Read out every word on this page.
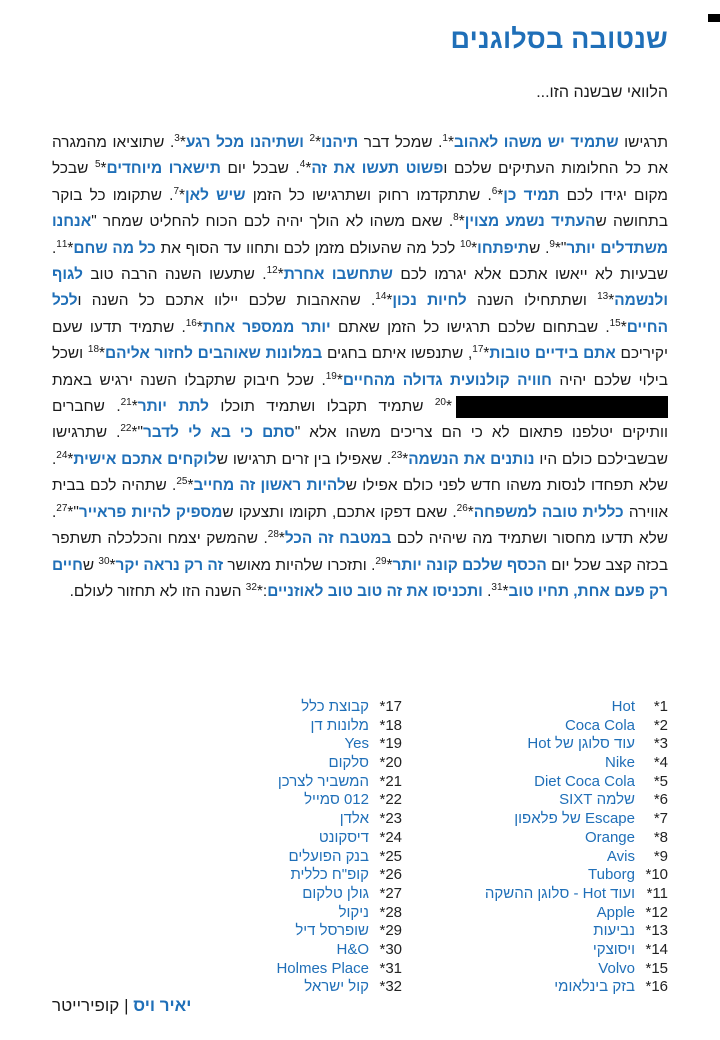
שנטובה בסלוגנים
הלוואי שבשנה הזו...
תרגישו שתמיד יש משהו לאהוב*$^1$. שמכל דבר תיהנו*$^2$ ושתיהנו מכל רגע*$^3$. שתוציאו מהמגרה את כל החלומות העתיקים שלכם ופשוט תעשו את זה*$^4$. שבכל יום תישארו מיוחדים*$^5$ שבכל מקום יגידו לכם תמיד כן*$^6$. שתתקדמו רחוק ושתרגישו כל הזמן שיש לאן*$^7$. שתקומו כל בוקר בתחושה שהעתיד נשמע מצוין*$^8$. שאם משהו לא הולך יהיה לכם הכוח להחליט שמחר "אנחנו משתדלים יותר"*$^9$. שתיפתחו*$^{10}$ לכל מה שהעולם מזמן לכם ותחוו עד הסוף את כל מה שחם*$^{11}$. שבעיות לא ייאשו אתכם אלא יגרמו לכם שתחשבו אחרת*$^{12}$. שתעשו השנה הרבה טוב לגוף ולנשמה*$^{13}$ ושתתחילו השנה לחיות נכון*$^{14}$. שהאהבות שלכם יילוו אתכם כל השנה ולכל החיים*$^{15}$. שבתחום שלכם תרגישו כל הזמן שאתם יותר ממספר אחת*$^{16}$. שתמיד תדעו שעם יקיריכם אתם בידיים טובות*$^{17}$, שתנפשו איתם בחגים במלונות שאוהבים לחזור אליהם*$^{18}$ ושכל בילוי שלכם יהיה חוויה קולנועית גדולה מהחיים*$^{19}$. שכל חיבוק שתקבלו השנה ירגיש באמת*$^{20}$ שתמיד תקבלו ושתמיד תוכלו לתת יותר*$^{21}$. שחברים וותיקים יטלפנו פתאום לא כי הם צריכים משהו אלא "סתם כי בא לי לדבר"*$^{22}$. שתרגישו שבשבילכם כולם היו נותנים את הנשמה*$^{23}$. שאפילו בין זרים תרגישו שלוקחים אתכם אישית*$^{24}$. שלא תפחדו לנסות משהו חדש לפני כולם אפילו שלהיות ראשון זה מחייב*$^{25}$. שתהיה לכם בבית אווירה כללית טובה למשפחה*$^{26}$. שאם דפקו אתכם, תקומו ותצעקו שמספיק להיות פראייר"*$^{27}$. שלא תדעו מחסור ושתמיד מה שיהיה לכם במטבח זה הכל*$^{28}$. שהמשק יצמח והכלכלה תשתפר בכזה קצב שכל יום הכסף שלכם קונה יותר*$^{29}$. ותזכרו שלהיות מאושר זה רק נראה יקר*$^{30}$ שחיים רק פעם אחת, תחיו טוב*$^{31}$. ותכניסו את זה טוב טוב לאוזניים:*$^{32}$ השנה הזו לא תחזור לעולם.
1*Hot
2*Coca Cola
3*עוד סלוגן של Hot
4*Nike
5*Diet Coca Cola
6*שלמה SIXT
7*Escape של פלאפון
8*Orange
9*Avis
10*Tuborg
11*ועוד Hot - סלוגן ההשקה
12*Apple
13*נביעות
14*ויסוצקי
15*Volvo
16*בזק בינלאומי
17*קבוצת כלל
18*מלונות דן
19*Yes
20*סלקום
21*המשביר לצרכן
22*012 סמייל
23*אלדן
24*דיסקונט
25*בנק הפועלים
26*קופ"ח כללית
27*גולן טלקום
28*ניקול
29*שופרסל דיל
30*H&O
31*Holmes Place
32*קול ישראל
יאיר ויס | קופירייטר
